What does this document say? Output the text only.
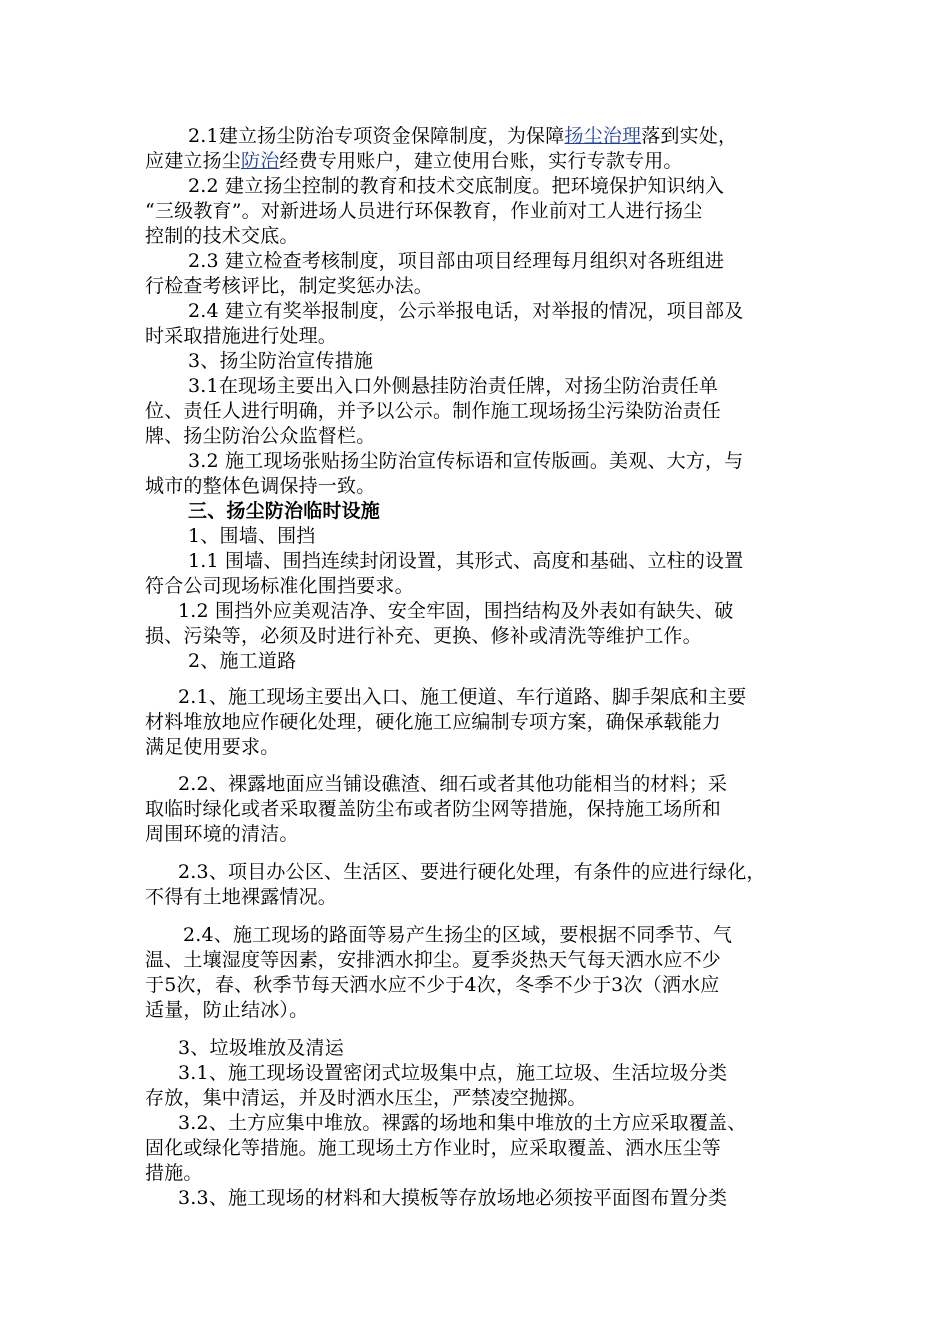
2.1建立扬尘防治专项资金保障制度，为保障扬尘治理落到实处，
应建立扬尘防治经费专用账户，建立使用台账，实行专款专用。
2.2 建立扬尘控制的教育和技术交底制度。把环境保护知识纳入
“三级教育”。对新进场人员进行环保教育，作业前对工人进行扬尘
控制的技术交底。
2.3 建立检查考核制度，项目部由项目经理每月组织对各班组进
行检查考核评比，制定奖惩办法。
2.4 建立有奖举报制度，公示举报电话，对举报的情况，项目部及
时采取措施进行处理。
3、扬尘防治宣传措施
3.1在现场主要出入口外侧悬挂防治责任牌，对扬尘防治责任单
位、责任人进行明确，并予以公示。制作施工现场扬尘污染防治责任
牌、扬尘防治公众监督栏。
3.2 施工现场张贴扬尘防治宣传标语和宣传版画。美观、大方，与
城市的整体色调保持一致。
三、扬尘防治临时设施
1、围墙、围挡
1.1 围墙、围挡连续封闭设置，其形式、高度和基础、立柱的设置
符合公司现场标准化围挡要求。
1.2 围挡外应美观洁净、安全牢固，围挡结构及外表如有缺失、破
损、污染等，必须及时进行补充、更换、修补或清洗等维护工作。
2、施工道路
2.1、施工现场主要出入口、施工便道、车行道路、脚手架底和主要
材料堆放地应作硬化处理，硬化施工应编制专项方案，确保承载能力
满足使用要求。
2.2、裸露地面应当铺设礁渣、细石或者其他功能相当的材料；采
取临时绿化或者采取覆盖防尘布或者防尘网等措施，保持施工场所和
周围环境的清洁。
2.3、项目办公区、生活区、要进行硬化处理，有条件的应进行绿化，
不得有土地裸露情况。
2.4、施工现场的路面等易产生扬尘的区域，要根据不同季节、气
温、土壤湿度等因素，安排洒水抑尘。夏季炎热天气每天洒水应不少
于5次，春、秋季节每天洒水应不少于4次，冬季不少于3次（洒水应
适量，防止结冰）。
3、垃圾堆放及清运
3.1、施工现场设置密闭式垃圾集中点，施工垃圾、生活垃圾分类
存放，集中清运，并及时洒水压尘，严禁凌空抛掷。
3.2、土方应集中堆放。裸露的场地和集中堆放的土方应采取覆盖、
固化或绿化等措施。施工现场土方作业时，应采取覆盖、洒水压尘等
措施。
3.3、施工现场的材料和大摸板等存放场地必须按平面图布置分类
